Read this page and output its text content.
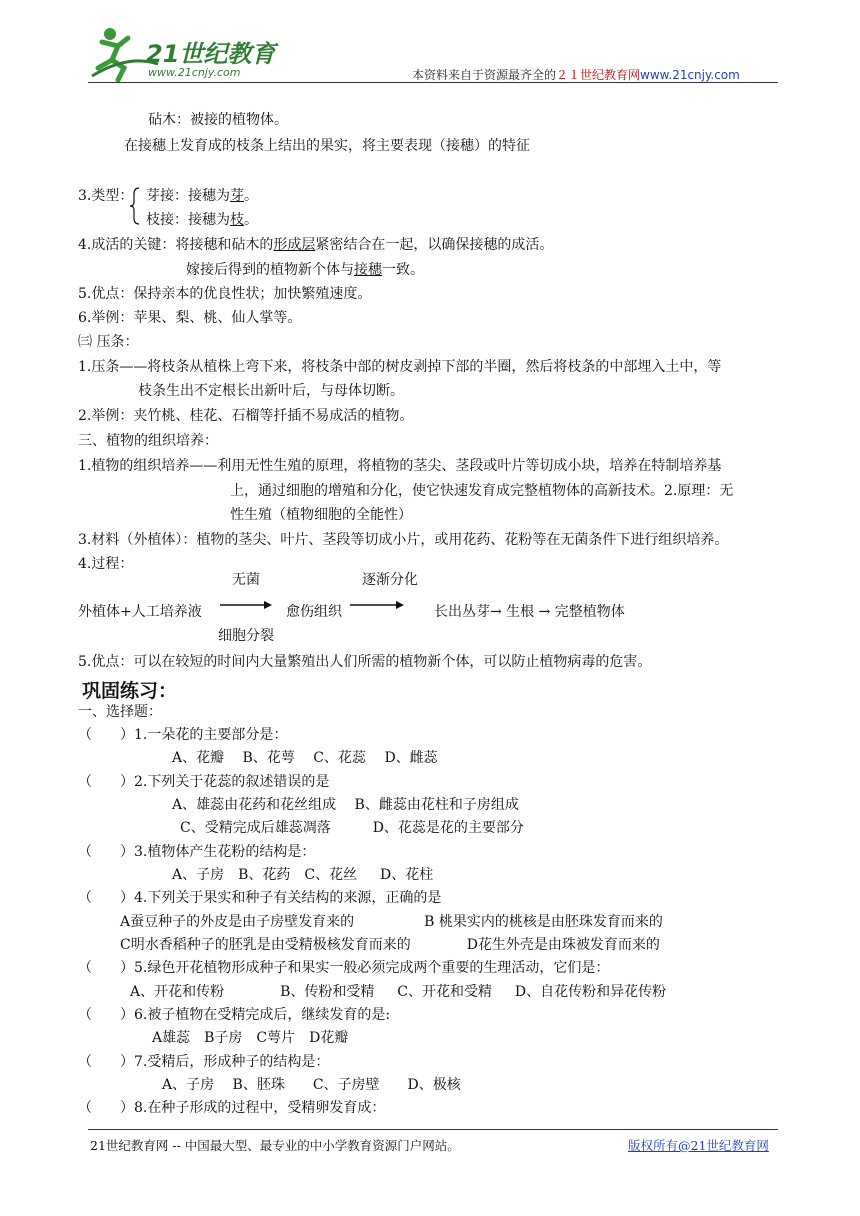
21世纪教育
www.21cnjy.com	本资料来自于资源最齐全的２１世纪教育网www.21cnjy.com
砧木：被接的植物体。
在接穗上发育成的枝条上结出的果实，将主要表现（接穗）的特征
3.类型： 芽接：接穗为芽。
枝接：接穗为枝。
4.成活的关键：将接穗和砧木的形成层紧密结合在一起，以确保接穗的成活。
嫁接后得到的植物新个体与接穗一致。
5.优点：保持亲本的优良性状；加快繁殖速度。
6.举例：苹果、梨、桃、仙人掌等。
㈢ 压条：
1.压条——将枝条从植株上弯下来，将枝条中部的树皮剥掉下部的半圈，然后将枝条的中部埋入土中，等
枝条生出不定根长出新叶后，与母体切断。
2.举例：夹竹桃、桂花、石榴等扦插不易成活的植物。
三、植物的组织培养：
1.植物的组织培养——利用无性生殖的原理，将植物的茎尖、茎段或叶片等切成小块，培养在特制培养基
上，通过细胞的增殖和分化，使它快速发育成完整植物体的高新技术。2.原理：无
性生殖（植物细胞的全能性）
3.材料（外植体）：植物的茎尖、叶片、茎段等切成小片，或用花药、花粉等在无菌条件下进行组织培养。
4.过程：
无菌	逐渐分化
外植体+人工培养液	愈伤组织	长出丛芽→ 生根 → 完整植物体
细胞分裂
5.优点：可以在较短的时间内大量繁殖出人们所需的植物新个体，可以防止植物病毒的危害。
巩固练习：
一、选择题：
（　　）1.一朵花的主要部分是：
A、花瓣　 B、花萼 　C、花蕊　 D、雌蕊
（　　）2.下列关于花蕊的叙述错误的是
A、雄蕊由花药和花丝组成 　B、雌蕊由花柱和子房组成
C、受精完成后雄蕊凋落　　　D、花蕊是花的主要部分
（　　）3.植物体产生花粉的结构是：
A、子房　B、花药　C、花丝 　 D、花柱
（　　）4.下列关于果实和种子有关结构的来源，正确的是
A蚕豆种子的外皮是由子房壁发育来的　　　　　B 桃果实内的桃核是由胚珠发育而来的
C明水香稻种子的胚乳是由受精极核发育而来的　　　　D花生外壳是由珠被发育而来的
（　　）5.绿色开花植物形成种子和果实一般必须完成两个重要的生理活动，它们是：
A、开花和传粉　　　　B、传粉和受精 　 C、开花和受精 　 D、自花传粉和异花传粉
（　　）6.被子植物在受精完成后，继续发育的是:
A雄蕊　B子房　C萼片　D花瓣
（　　）7.受精后，形成种子的结构是：
A、子房　 B、胚珠　　C、子房壁　　D、极核
（　　）8.在种子形成的过程中，受精卵发育成：
21世纪教育网 -- 中国最大型、最专业的中小学教育资源门户网站。	版权所有@21世纪教育网
